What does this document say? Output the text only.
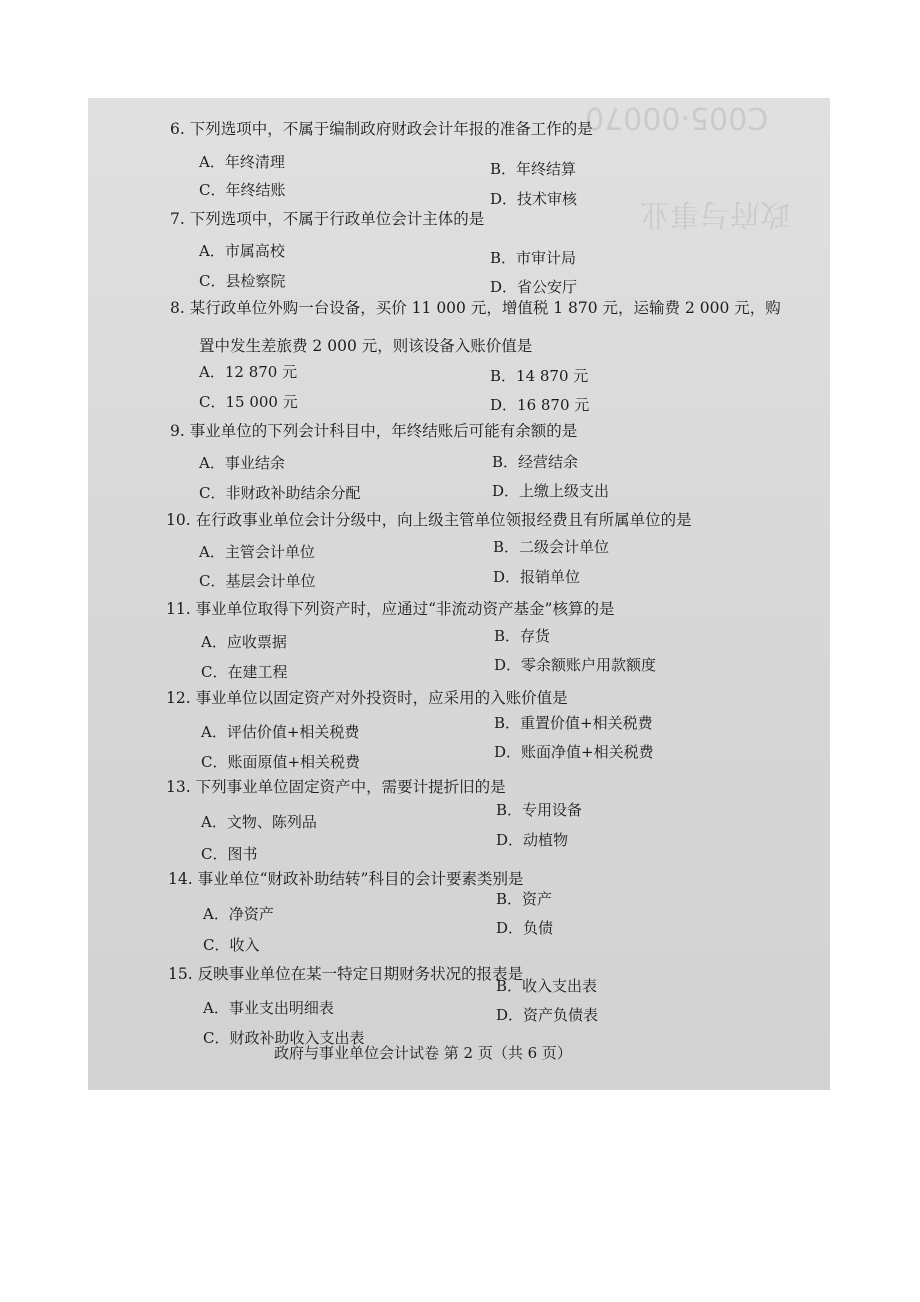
C005·00070
政府与事业
6. 下列选项中，不属于编制政府财政会计年报的准备工作的是
A．年终清理	B．年终结算
C．年终结账	D．技术审核
7. 下列选项中，不属于行政单位会计主体的是
A．市属高校	B．市审计局
C．县检察院	D．省公安厅
8. 某行政单位外购一台设备，买价 11 000 元，增值税 1 870 元，运输费 2 000 元，购
置中发生差旅费 2 000 元，则该设备入账价值是
A．12 870 元	B．14 870 元
C．15 000 元	D．16 870 元
9. 事业单位的下列会计科目中，年终结账后可能有余额的是
A．事业结余	B．经营结余
C．非财政补助结余分配	D．上缴上级支出
10. 在行政事业单位会计分级中，向上级主管单位领报经费且有所属单位的是
A．主管会计单位	B．二级会计单位
C．基层会计单位	D．报销单位
11. 事业单位取得下列资产时，应通过“非流动资产基金”核算的是
A．应收票据	B．存货
C．在建工程	D．零余额账户用款额度
12. 事业单位以固定资产对外投资时，应采用的入账价值是
A．评估价值+相关税费	B．重置价值+相关税费
C．账面原值+相关税费
D．账面净值+相关税费
13. 下列事业单位固定资产中，需要计提折旧的是
A．文物、陈列品
B．专用设备
C．图书
D．动植物
14. 事业单位“财政补助结转”科目的会计要素类别是
A．净资产
B．资产
C．收入
D．负债
15. 反映事业单位在某一特定日期财务状况的报表是
A．事业支出明细表
B．收入支出表
C．财政补助收入支出表
D．资产负债表
政府与事业单位会计试卷 第 2 页（共 6 页）
